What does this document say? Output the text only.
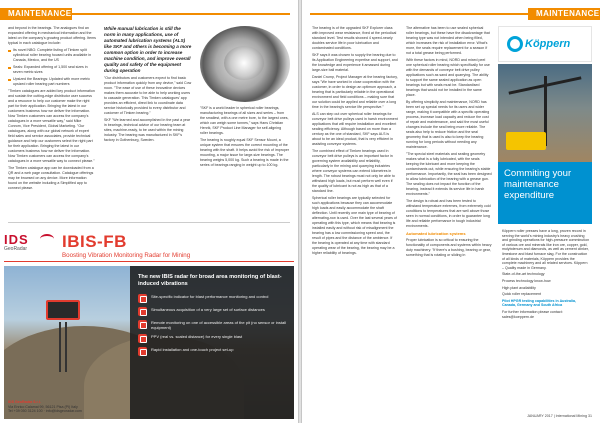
MAINTENANCE

and beyond in the bearings. The analogues find an expanded offering in mechanical information and the latest on the company's growing product offering. Items typical in each catalogue include:

Its novel NBG: Complete listing of Timken split cylindrical roller bearing housed units available in Canada, Mexico, and the US

Seals: Expanded offering of 1,500 seal sizes in seven metric sizes

Upsized the Bearings: Updated with more metric upsized roller bearing part numbers

"Timken catalogues are added key product information and sustain the cutting-edge distributor user success and a resource to help our customer make the right part for their application. Bringing the latest in our customers business how we deliver the information. Now Timken customers can access the company's catalogues in a more versatile way," said Mike Conrom, Vice President, Global Marketing. "Our catalogues, along with our global network of expert field sales and service associates, provide technical guidance and help our customers select the right part for their application. Bringing the latest in our customers business how we deliver the information. Now Timken customers can access the company's catalogues in a more versatile way to connect please."

The Timken catalogue app can be downloaded from a QR and a web page consultation. Catalogue offerings may be browsed on any device. More information found on the website including a Simplified app to connect please.

While manual lubrication is still the norm in many applications, use of automated lubrication systems (ALS) like SKF and others is becoming a more common option in order to increase machine condition, and improve overall quality and safety of the equipment during operation

"Our distributors and customers expect to find basic product information quickly from any device," said Cow noon. "The ease of use of these innovative devices makes them accurate to be able to help working users to cascade generation. This Timken catalogues' app provides an efficient, direct link to coordinate data service historically provided to every distributor and customer of Timken bearing."

SKF "We learned and accomplished in the past a year in bearings, technical advice of our bearing team at sites, machine-ready, to be used within the mining industry. The bearing was manufactured in SKF's factory in Gothenburg, Sweden.

"SKF is a world leader in spherical roller bearings, manufacturing bearings of all sizes and series – from the smallest, with a one metre bore, to the largest ones, which can weigh some tonnes," says Hans Christian Henrik, SKF Product Line Manager for self-aligning roller bearings.

The bearing is roughly equal SKF Sensor Mount, a unique system that ensures the correct mounting of the bearing with the shaft. It helps avoid the risk of improper mounting, a major issue for large-size bearings. The bearing weighs 5,000 kg. Such a bearing is made in the series of bearings ranging in weight up to 100 kg.

IDS
GeoRadar IBIS-FB
Boosting Vibration Monitoring Radar for Mining
The new IBIS radar for broad area monitoring of blast-induced vibrations
Site-specific indicator for blast performance monitoring and control
Simultaneous acquisition of a very large set of surface distances
Remote monitoring on one of accessible areas of the pit (no sensor or install equipment)
PPV (real vs. scaled distance) for every single blast
Rapid installation and one-touch project set-up
IDS GeoRadar S.r.l.
Via Enrico Calamai 99, 56121 Pisa (PI) Italy
Tel +39 050 3124 100 · info@idsgeoradar.com
MAINTENANCE

The bearing is of the upgraded SKF Explorer class with improved wear resistance, fixed at the periodical standard level. Test results showed 4 speed-nearly doubles service life in poor lubrication and contaminated conditions.

SKF says it was chosen to supply the bearing due to its Application Engineering expertise and support, and the knowledge and experience it amassed during large-size ball material.

Daniel Crump, Project Manager at the bearing factory, says "We have worked in close cooperation with the customer, in order to design an optimum approach, a bearing that is particularly reliable in the operational environment and field conditions – making sure that our solution could be applied and reliable over a long time in the bearing's service life perspective."

ALS can step out over spherical roller bearings for conveyor belt drive pulleys used in harsh environment applications that will require installation and excellent sealing efficiency. Although based on more than a century as the one of standard, SKF says ALS is about to be an ideal product, that is very efficient in assisting conveyor systems.

The combined effect of Timken bearings used in conveyor belt drive pulleys is an important factor in governing system availability and reliability, particularly in the mining and quarrying industries where conveyor systems can extend kilometres in length. The robust bearings must not only be able to withstand high loads, but must perform well even if the quality of lubricant is not as high as that of a standard line.

Spherical roller bearings are typically selected for such applications because they can accommodate high loads and easily accommodate the shaft deflection. Until recently one main type of bearing of alternating-row is used. Over the last several years of operating with this type, which means that bearing is installed easily and without risk of misalignment the bearing has a low commissioning speed and, the result of pipes and the distance of the ambience. If the bearing is operated at any time with standard operating wear of the bearing, the bearing may be a higher reliability of bearings.

The alternative has been to use sealed spherical roller bearings, but these have the disadvantage that bearing type was not intended when being filled, which increases the risk of installation error. What's more, the seals require replacement for a season if not a total grease being performed.

With these factors in mind, NORD and mixed peel one spherical roller bearing which specifically for use with the demands of conveyor belt drive pulley applications such as sand and quarrying. The ability to support the same sealed application as open bearings but with seals must be. Standardised bearings that would not be installed in the same place.

By offering simplicity and maintenance, NORD has been set up special needs for its users and wider range, making it compatible with a specific operating process, increase load capacity and reduce the cost of repair and maintenance, and said the most useful changes include the seal being more reliable. The seals also help to reduce friction and the seal geometry that is used is also to keep the bearing running for long periods without needing any maintenance.

"The special steel materials and sealing geometry makes what is a fully lubricated, with the seals keeping the lubricant and more keeping the contaminants out, while ensuring the bearing's stable performance. Importantly, the seal has been designed to allow lubrication of the bearing with a grease gun. The sealing does not impact the function of the bearing, instead it extends its service life in harsh environments."

The design is robust and has been tested to withstand temperature extremes, from extremely cold conditions to temperatures that are well above those seen in normal conditions, in order to guarantee long life and reliable performance in tough industrial environments.

Automated lubrication systems

Proper lubrication is so critical to ensuring the functionality of components and systems within heavy duty machinery. "If there's a bushing, bearing or gear, something that is rotating or sliding in

Köppern
Commiting your maintenance expenditure

Köppern roller presses have a long, proven record in serving the world's mining industry's heavy crushing and grinding operations for high-pressure comminution of various ore and minerals like iron ore, copper, gold, molybdenum and diamonds, as well as cement clinker, limestone and blast furnace slag. For the construction of all kinds of materials, Köppern provides the complete machinery and all related services. Köppern – Quality made in Germany.

State-of-the-art technology

Process technology know-how

High plant availability

Quick roller replacement

Pilot HPGR testing capabilities in Australia, Canada, Germany and South Africa

For further information please contact: sales@koeppern.de

JANUARY 2017 | International Mining 31
